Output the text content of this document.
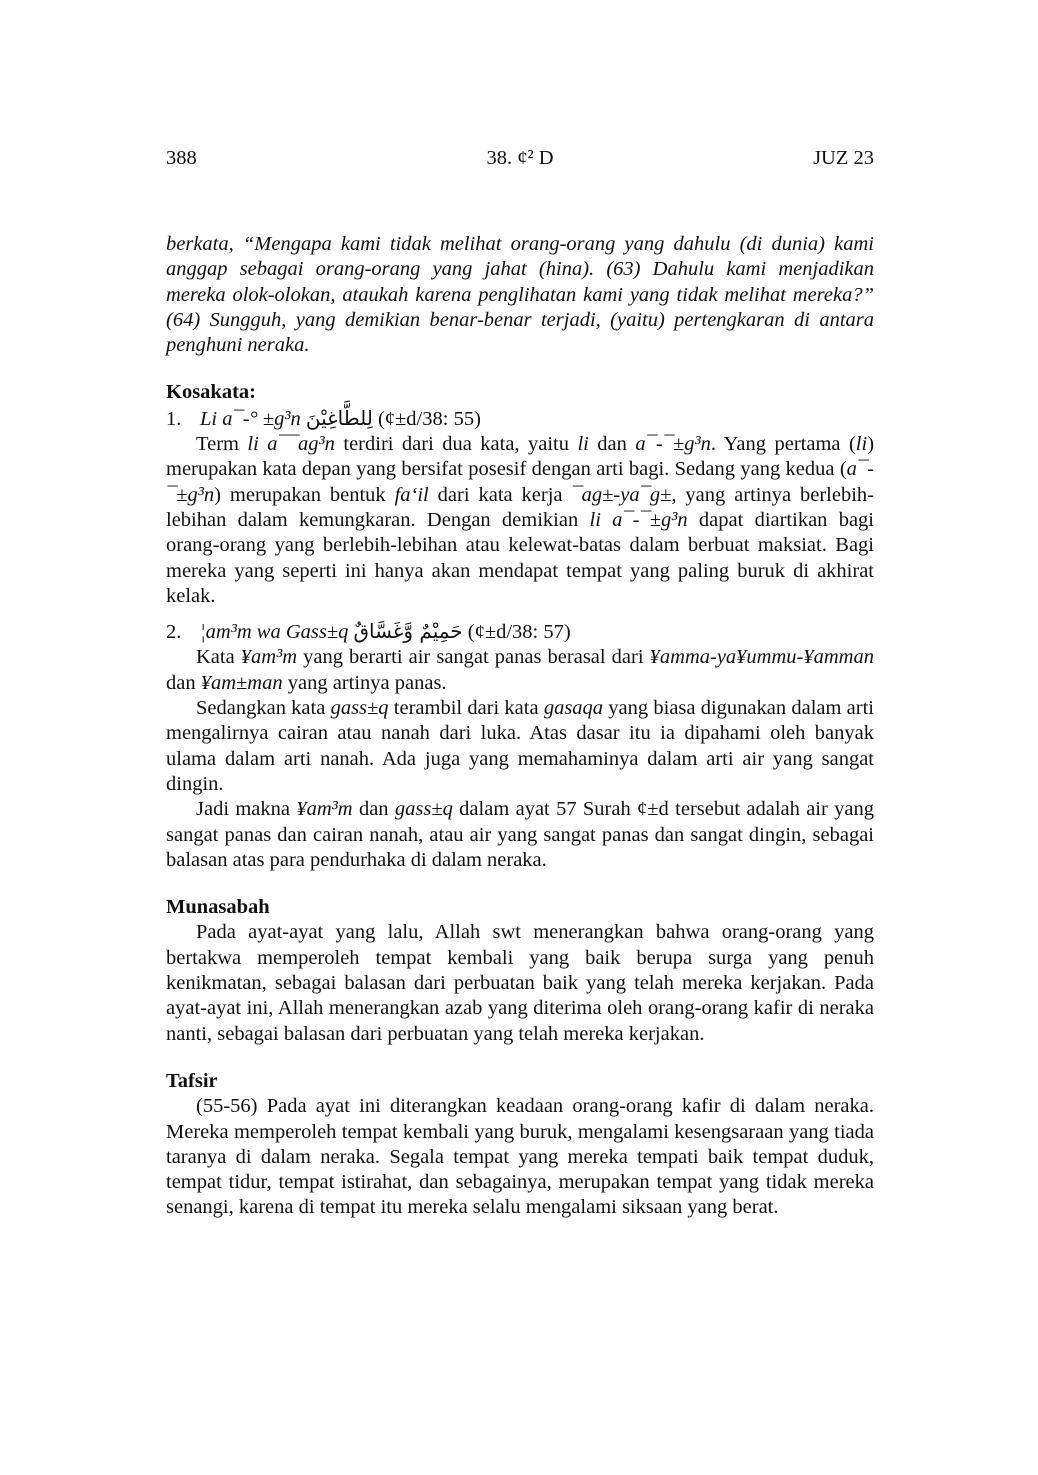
388	38. ¢² D	JUZ 23

berkata, “Mengapa kami tidak melihat orang-orang yang dahulu (di dunia) kami anggap sebagai orang-orang yang jahat (hina). (63) Dahulu kami menjadikan mereka olok-olokan, ataukah karena penglihatan kami yang tidak melihat mereka?” (64) Sungguh, yang demikian benar-benar terjadi, (yaitu) pertengkaran di antara penghuni neraka.

Kosakata:

1. Li a¯-° ±g³n لِلطَّاغِيْنَ (¢±d/38: 55)

Term li a¯¯ag³n terdiri dari dua kata, yaitu li dan a¯-¯±g³n. Yang pertama (li) merupakan kata depan yang bersifat posesif dengan arti bagi. Sedang yang kedua (a¯-¯±g³n) merupakan bentuk fa‘il dari kata kerja ¯ag±-ya¯g±, yang artinya berlebih-lebihan dalam kemungkaran. Dengan demikian li a¯-¯±g³n dapat diartikan bagi orang-orang yang berlebih-lebihan atau kelewat-batas dalam berbuat maksiat. Bagi mereka yang seperti ini hanya akan mendapat tempat yang paling buruk di akhirat kelak.

2. ¦am³m wa Gass±q حَمِيْمٌ وَّغَسَّاقٌ (¢±d/38: 57)

Kata ¥am³m yang berarti air sangat panas berasal dari ¥amma-ya¥ummu-¥amman dan ¥am±man yang artinya panas.

Sedangkan kata gass±q terambil dari kata gasaqa yang biasa digunakan dalam arti mengalirnya cairan atau nanah dari luka. Atas dasar itu ia dipahami oleh banyak ulama dalam arti nanah. Ada juga yang memahaminya dalam arti air yang sangat dingin.

Jadi makna ¥am³m dan gass±q dalam ayat 57 Surah ¢±d tersebut adalah air yang sangat panas dan cairan nanah, atau air yang sangat panas dan sangat dingin, sebagai balasan atas para pendurhaka di dalam neraka.

Munasabah

Pada ayat-ayat yang lalu, Allah swt menerangkan bahwa orang-orang yang bertakwa memperoleh tempat kembali yang baik berupa surga yang penuh kenikmatan, sebagai balasan dari perbuatan baik yang telah mereka kerjakan. Pada ayat-ayat ini, Allah menerangkan azab yang diterima oleh orang-orang kafir di neraka nanti, sebagai balasan dari perbuatan yang telah mereka kerjakan.

Tafsir

(55-56) Pada ayat ini diterangkan keadaan orang-orang kafir di dalam neraka. Mereka memperoleh tempat kembali yang buruk, mengalami kesengsaraan yang tiada taranya di dalam neraka. Segala tempat yang mereka tempati baik tempat duduk, tempat tidur, tempat istirahat, dan sebagainya, merupakan tempat yang tidak mereka senangi, karena di tempat itu mereka selalu mengalami siksaan yang berat.
